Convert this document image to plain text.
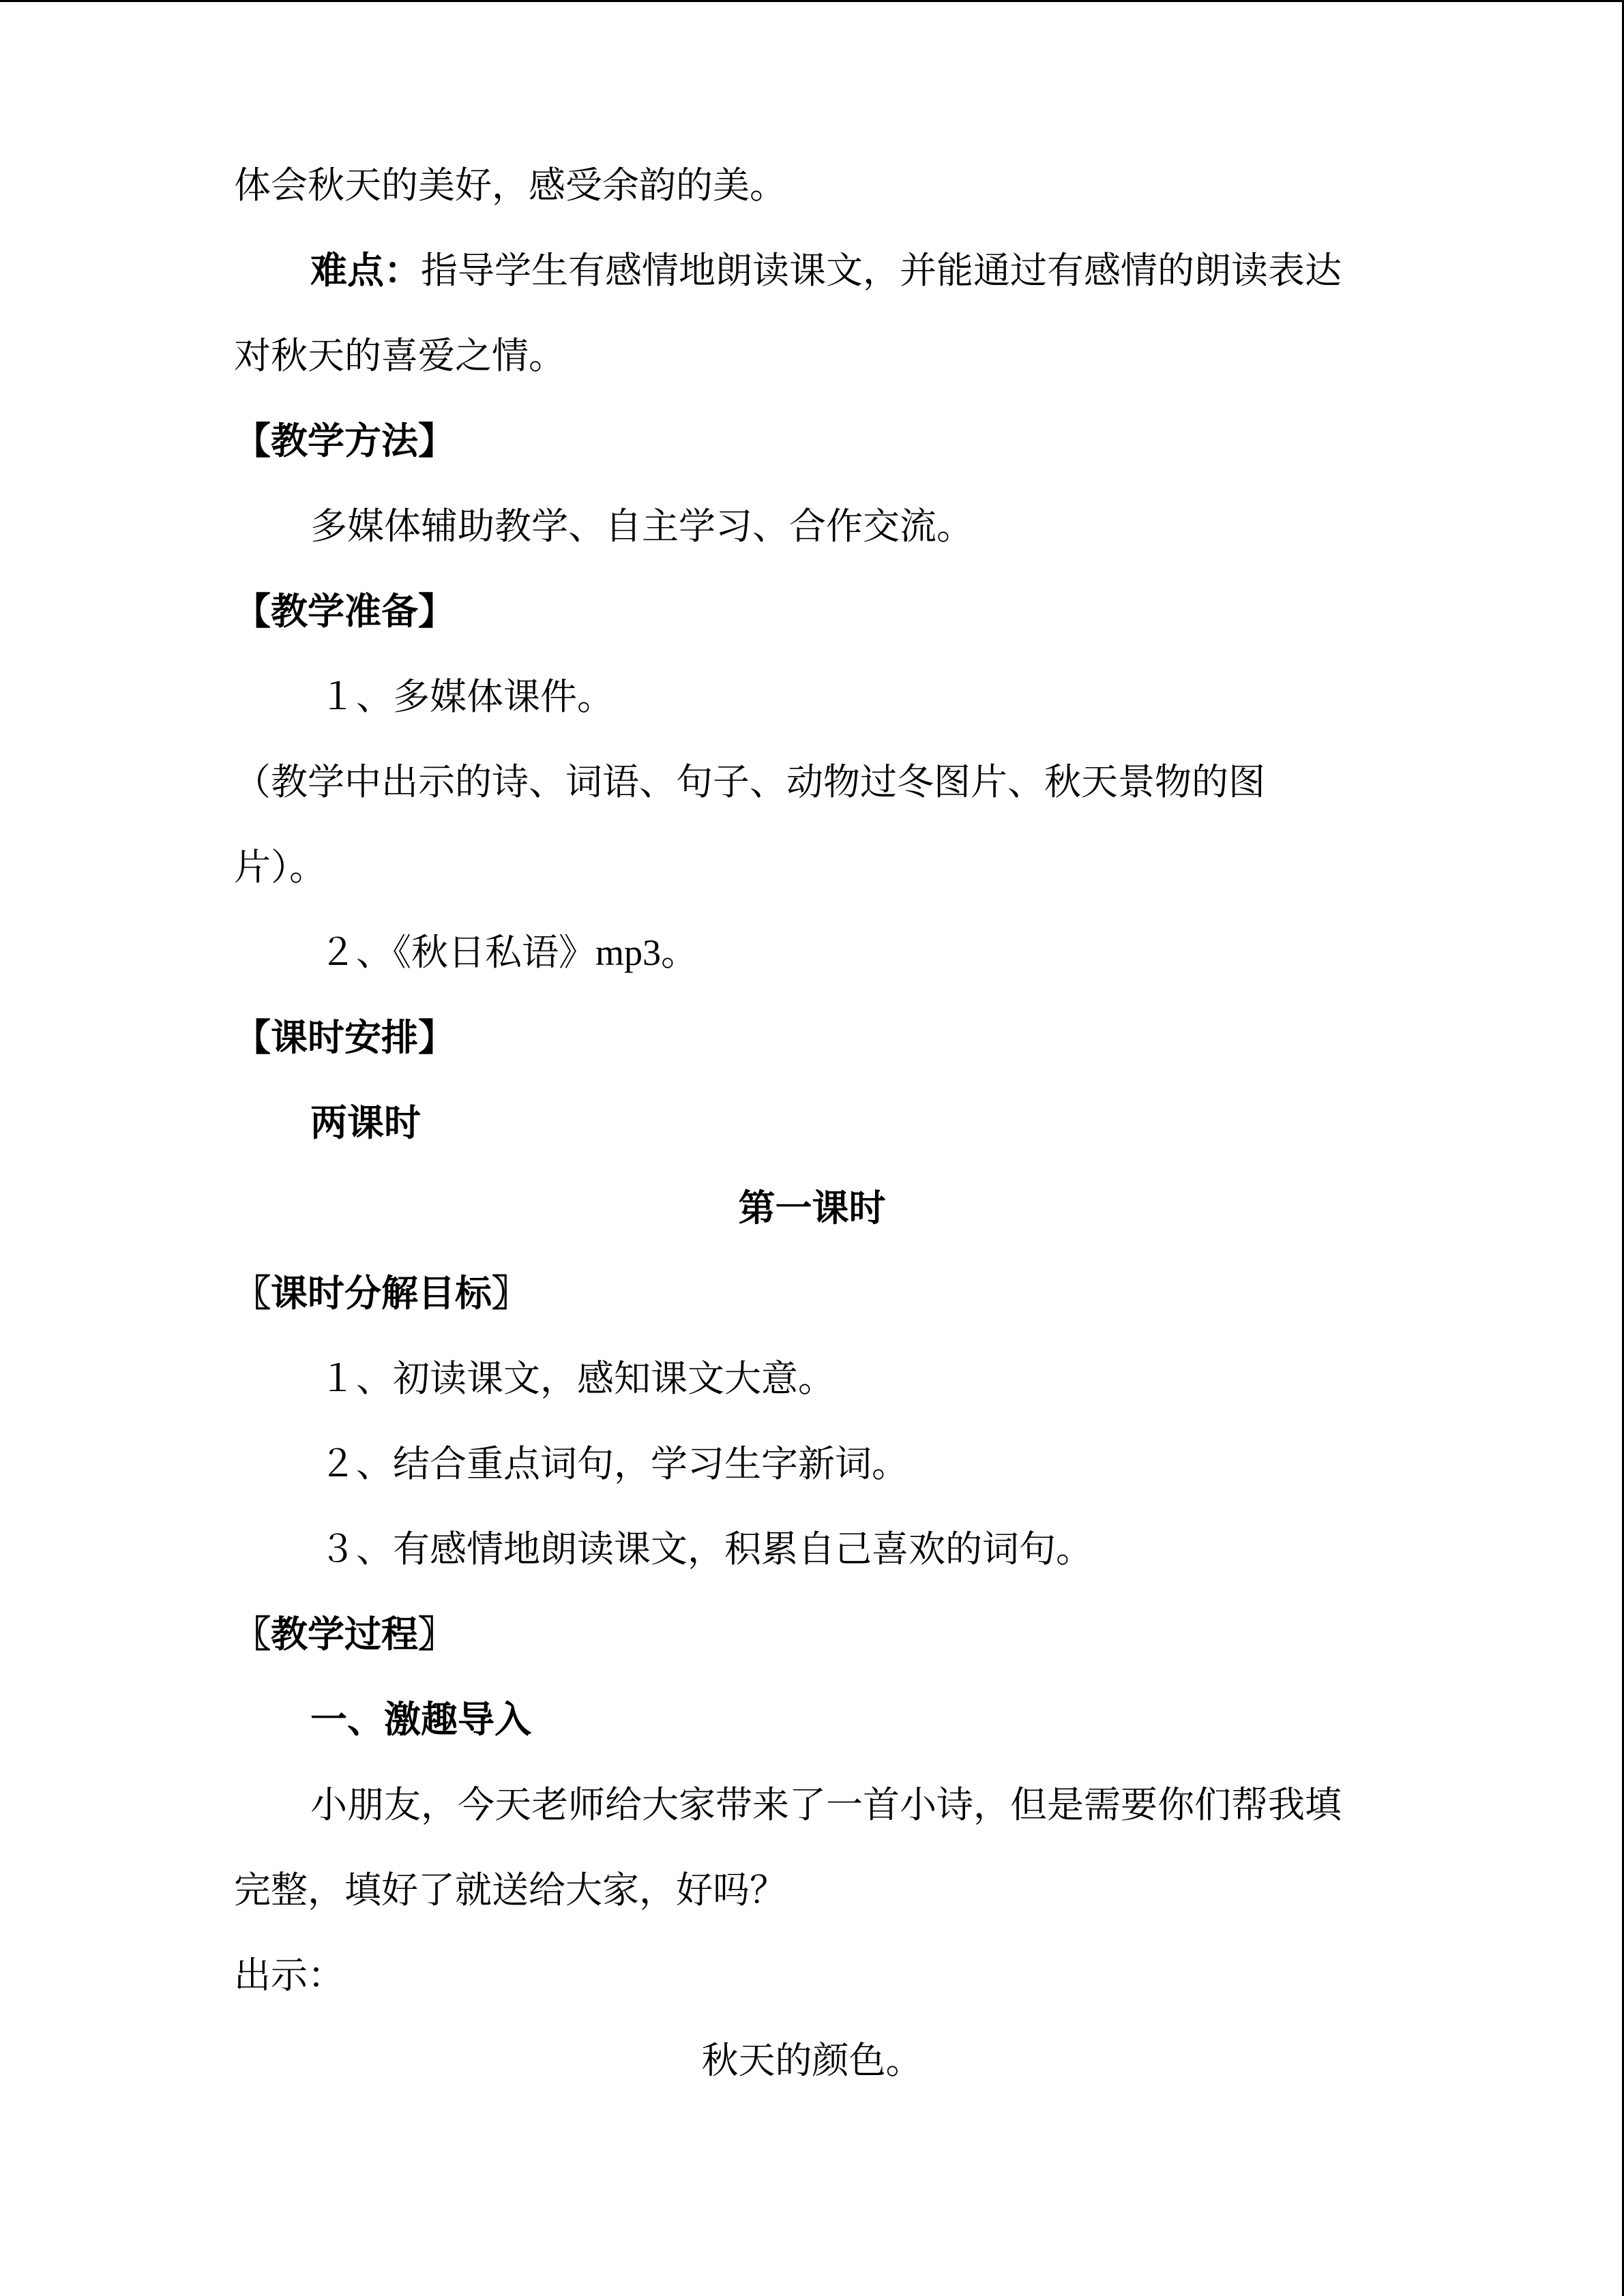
体会秋天的美好，感受余韵的美。
难点：指导学生有感情地朗读课文，并能通过有感情的朗读表达
对秋天的喜爱之情。
【教学方法】
多媒体辅助教学、自主学习、合作交流。
【教学准备】
１、多媒体课件。
（教学中出示的诗、词语、句子、动物过冬图片、秋天景物的图
片）。
２、《秋日私语》mp3。
【课时安排】
两课时
第一课时
〖课时分解目标〗
１、初读课文，感知课文大意。
２、结合重点词句，学习生字新词。
３、有感情地朗读课文，积累自己喜欢的词句。
〖教学过程〗
一、激趣导入
小朋友，今天老师给大家带来了一首小诗，但是需要你们帮我填
完整，填好了就送给大家，好吗？
出示：
秋天的颜色。
